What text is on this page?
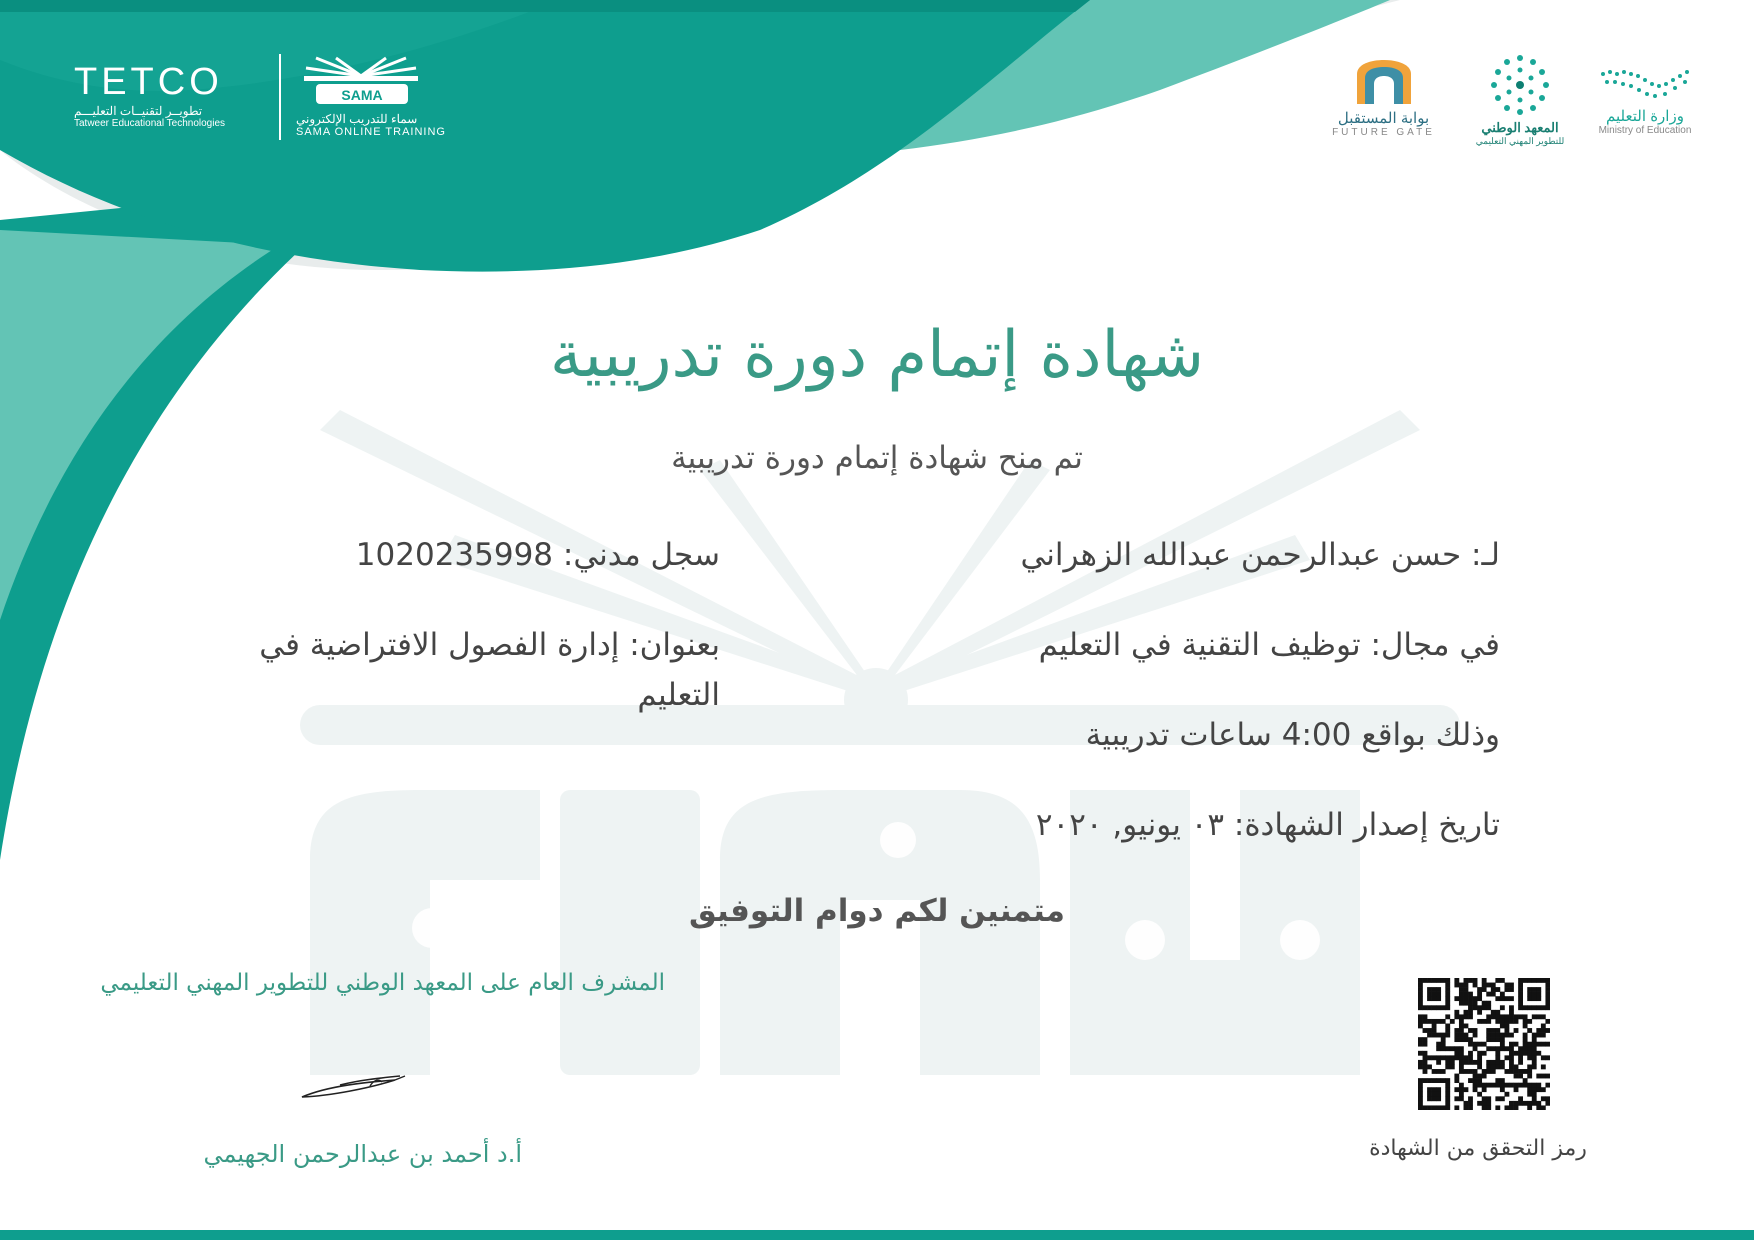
TETCO
تطويــر لتقنيــات التعليـــم
Tatweer Educational Technologies
SAMA
سماء للتدريب الإلكتروني
SAMA ONLINE TRAINING
بوابة المستقبل
FUTURE GATE	المعهد الوطني
للتطوير المهني التعليمي
وزارة التعليم
Ministry of Education
شهادة إتمام دورة تدريبية
تم منح شهادة إتمام دورة تدريبية
لـ: حسن عبدالرحمن عبدالله الزهراني
في مجال: توظيف التقنية في التعليم
وذلك بواقع 4:00 ساعات تدريبية
تاريخ إصدار الشهادة: ٠٣ يونيو, ٢٠٢٠
سجل مدني: 1020235998
بعنوان: إدارة الفصول الافتراضية في التعليم
متمنين لكم دوام التوفيق
المشرف العام على المعهد الوطني للتطوير المهني التعليمي
أ.د أحمد بن عبدالرحمن الجهيمي	رمز التحقق من الشهادة
